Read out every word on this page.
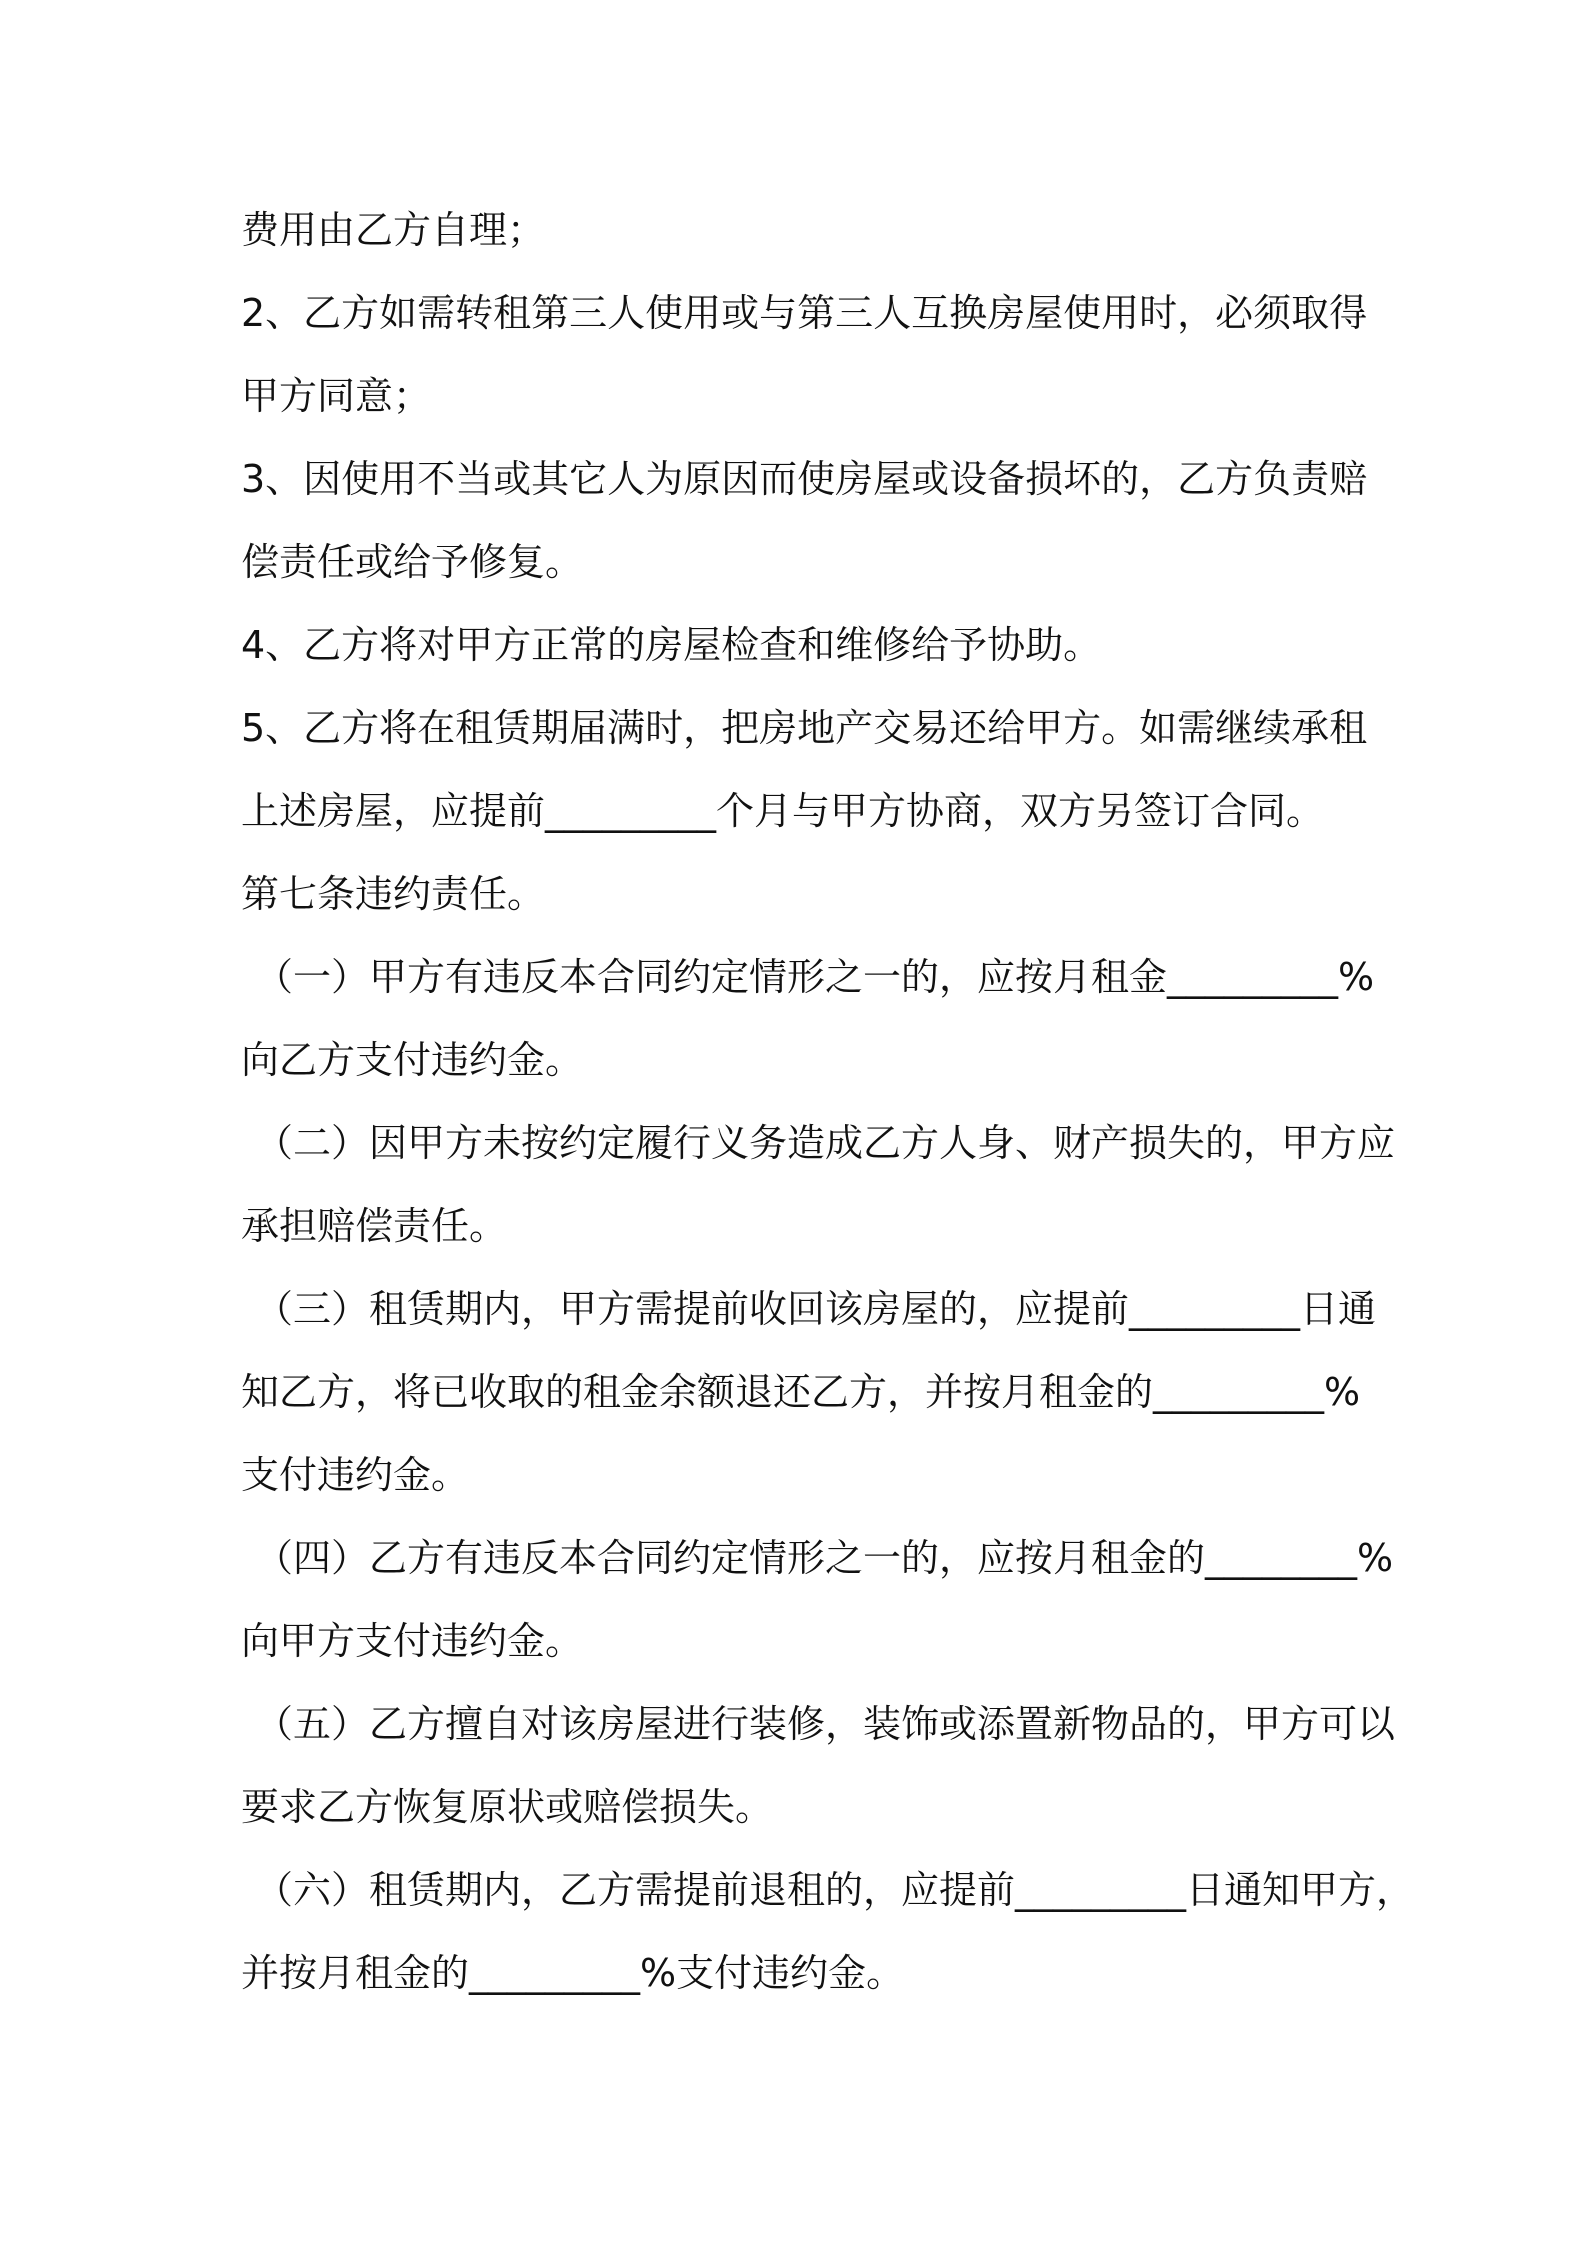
费用由乙方自理；
2、乙方如需转租第三人使用或与第三人互换房屋使用时，必须取得
甲方同意；
3、因使用不当或其它人为原因而使房屋或设备损坏的，乙方负责赔
偿责任或给予修复。
4、乙方将对甲方正常的房屋检查和维修给予协助。
5、乙方将在租赁期届满时，把房地产交易还给甲方。如需继续承租
上述房屋，应提前_________个月与甲方协商，双方另签订合同。
第七条违约责任。
（一）甲方有违反本合同约定情形之一的，应按月租金_________%
向乙方支付违约金。
（二）因甲方未按约定履行义务造成乙方人身、财产损失的，甲方应
承担赔偿责任。
（三）租赁期内，甲方需提前收回该房屋的，应提前_________日通
知乙方，将已收取的租金余额退还乙方，并按月租金的_________%
支付违约金。
（四）乙方有违反本合同约定情形之一的，应按月租金的________%
向甲方支付违约金。
（五）乙方擅自对该房屋进行装修，装饰或添置新物品的，甲方可以
要求乙方恢复原状或赔偿损失。
（六）租赁期内，乙方需提前退租的，应提前_________日通知甲方，
并按月租金的_________%支付违约金。
